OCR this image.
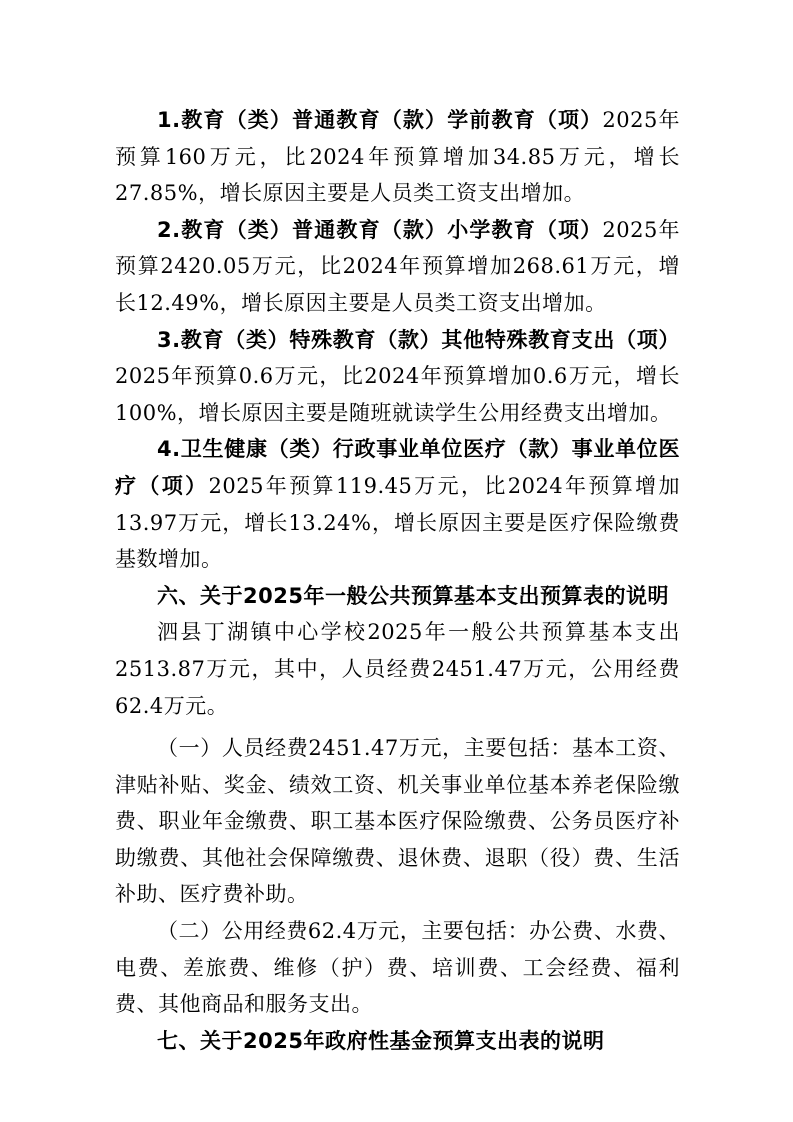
1.教育（类）普通教育（款）学前教育（项）2025年预算160万元，比2024年预算增加34.85万元，增长27.85%，增长原因主要是人员类工资支出增加。

2.教育（类）普通教育（款）小学教育（项）2025年预算2420.05万元，比2024年预算增加268.61万元，增长12.49%，增长原因主要是人员类工资支出增加。

3.教育（类）特殊教育（款）其他特殊教育支出（项）2025年预算0.6万元，比2024年预算增加0.6万元，增长100%，增长原因主要是随班就读学生公用经费支出增加。

4.卫生健康（类）行政事业单位医疗（款）事业单位医疗（项）2025年预算119.45万元，比2024年预算增加13.97万元，增长13.24%，增长原因主要是医疗保险缴费基数增加。

六、关于2025年一般公共预算基本支出预算表的说明

泗县丁湖镇中心学校2025年一般公共预算基本支出2513.87万元，其中，人员经费2451.47万元，公用经费62.4万元。

（一）人员经费2451.47万元，主要包括：基本工资、津贴补贴、奖金、绩效工资、机关事业单位基本养老保险缴费、职业年金缴费、职工基本医疗保险缴费、公务员医疗补助缴费、其他社会保障缴费、退休费、退职（役）费、生活补助、医疗费补助。

（二）公用经费62.4万元，主要包括：办公费、水费、电费、差旅费、维修（护）费、培训费、工会经费、福利费、其他商品和服务支出。

七、关于2025年政府性基金预算支出表的说明
